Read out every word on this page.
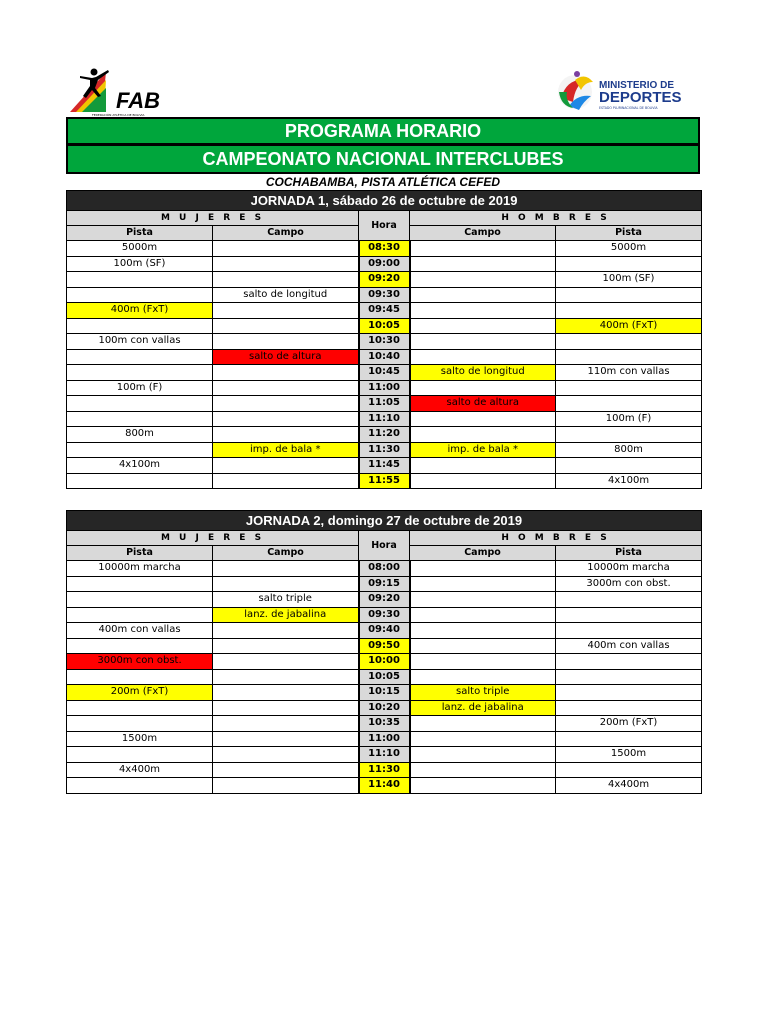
FAB
FEDERACIÓN ATLÉTICA DE BOLIVIA
MINISTERIO DE
DEPORTES
ESTADO PLURINACIONAL DE BOLIVIA
PROGRAMA HORARIO
CAMPEONATO NACIONAL INTERCLUBES
COCHABAMBA, PISTA ATLÉTICA CEFED
JORNADA 1, sábado 26 de octubre de 2019				
M U J E R E S		Hora	H O M B R E S	
Pista	Campo		Campo	Pista
5000m		08:30		5000m
100m (SF)		09:00		
		09:20		100m (SF)
	salto de longitud	09:30		
400m (FxT)		09:45		
		10:05		400m (FxT)
100m con vallas		10:30		
	salto de altura	10:40		
		10:45	salto de longitud	110m con vallas
100m (F)		11:00		
		11:05	salto de altura	
		11:10		100m (F)
800m		11:20		
	imp. de bala *	11:30	imp. de bala *	800m
4x100m		11:45		
		11:55		4x100m
JORNADA 2, domingo 27 de octubre de 2019				
M U J E R E S		Hora	H O M B R E S	
Pista	Campo		Campo	Pista
10000m marcha		08:00		10000m marcha
		09:15		3000m con obst.
	salto triple	09:20		
	lanz. de jabalina	09:30		
400m con vallas		09:40		
		09:50		400m con vallas
3000m con obst.		10:00		
		10:05		
200m (FxT)		10:15	salto triple	
		10:20	lanz. de jabalina	
		10:35		200m (FxT)
1500m		11:00		
		11:10		1500m
4x400m		11:30		
		11:40		4x400m
